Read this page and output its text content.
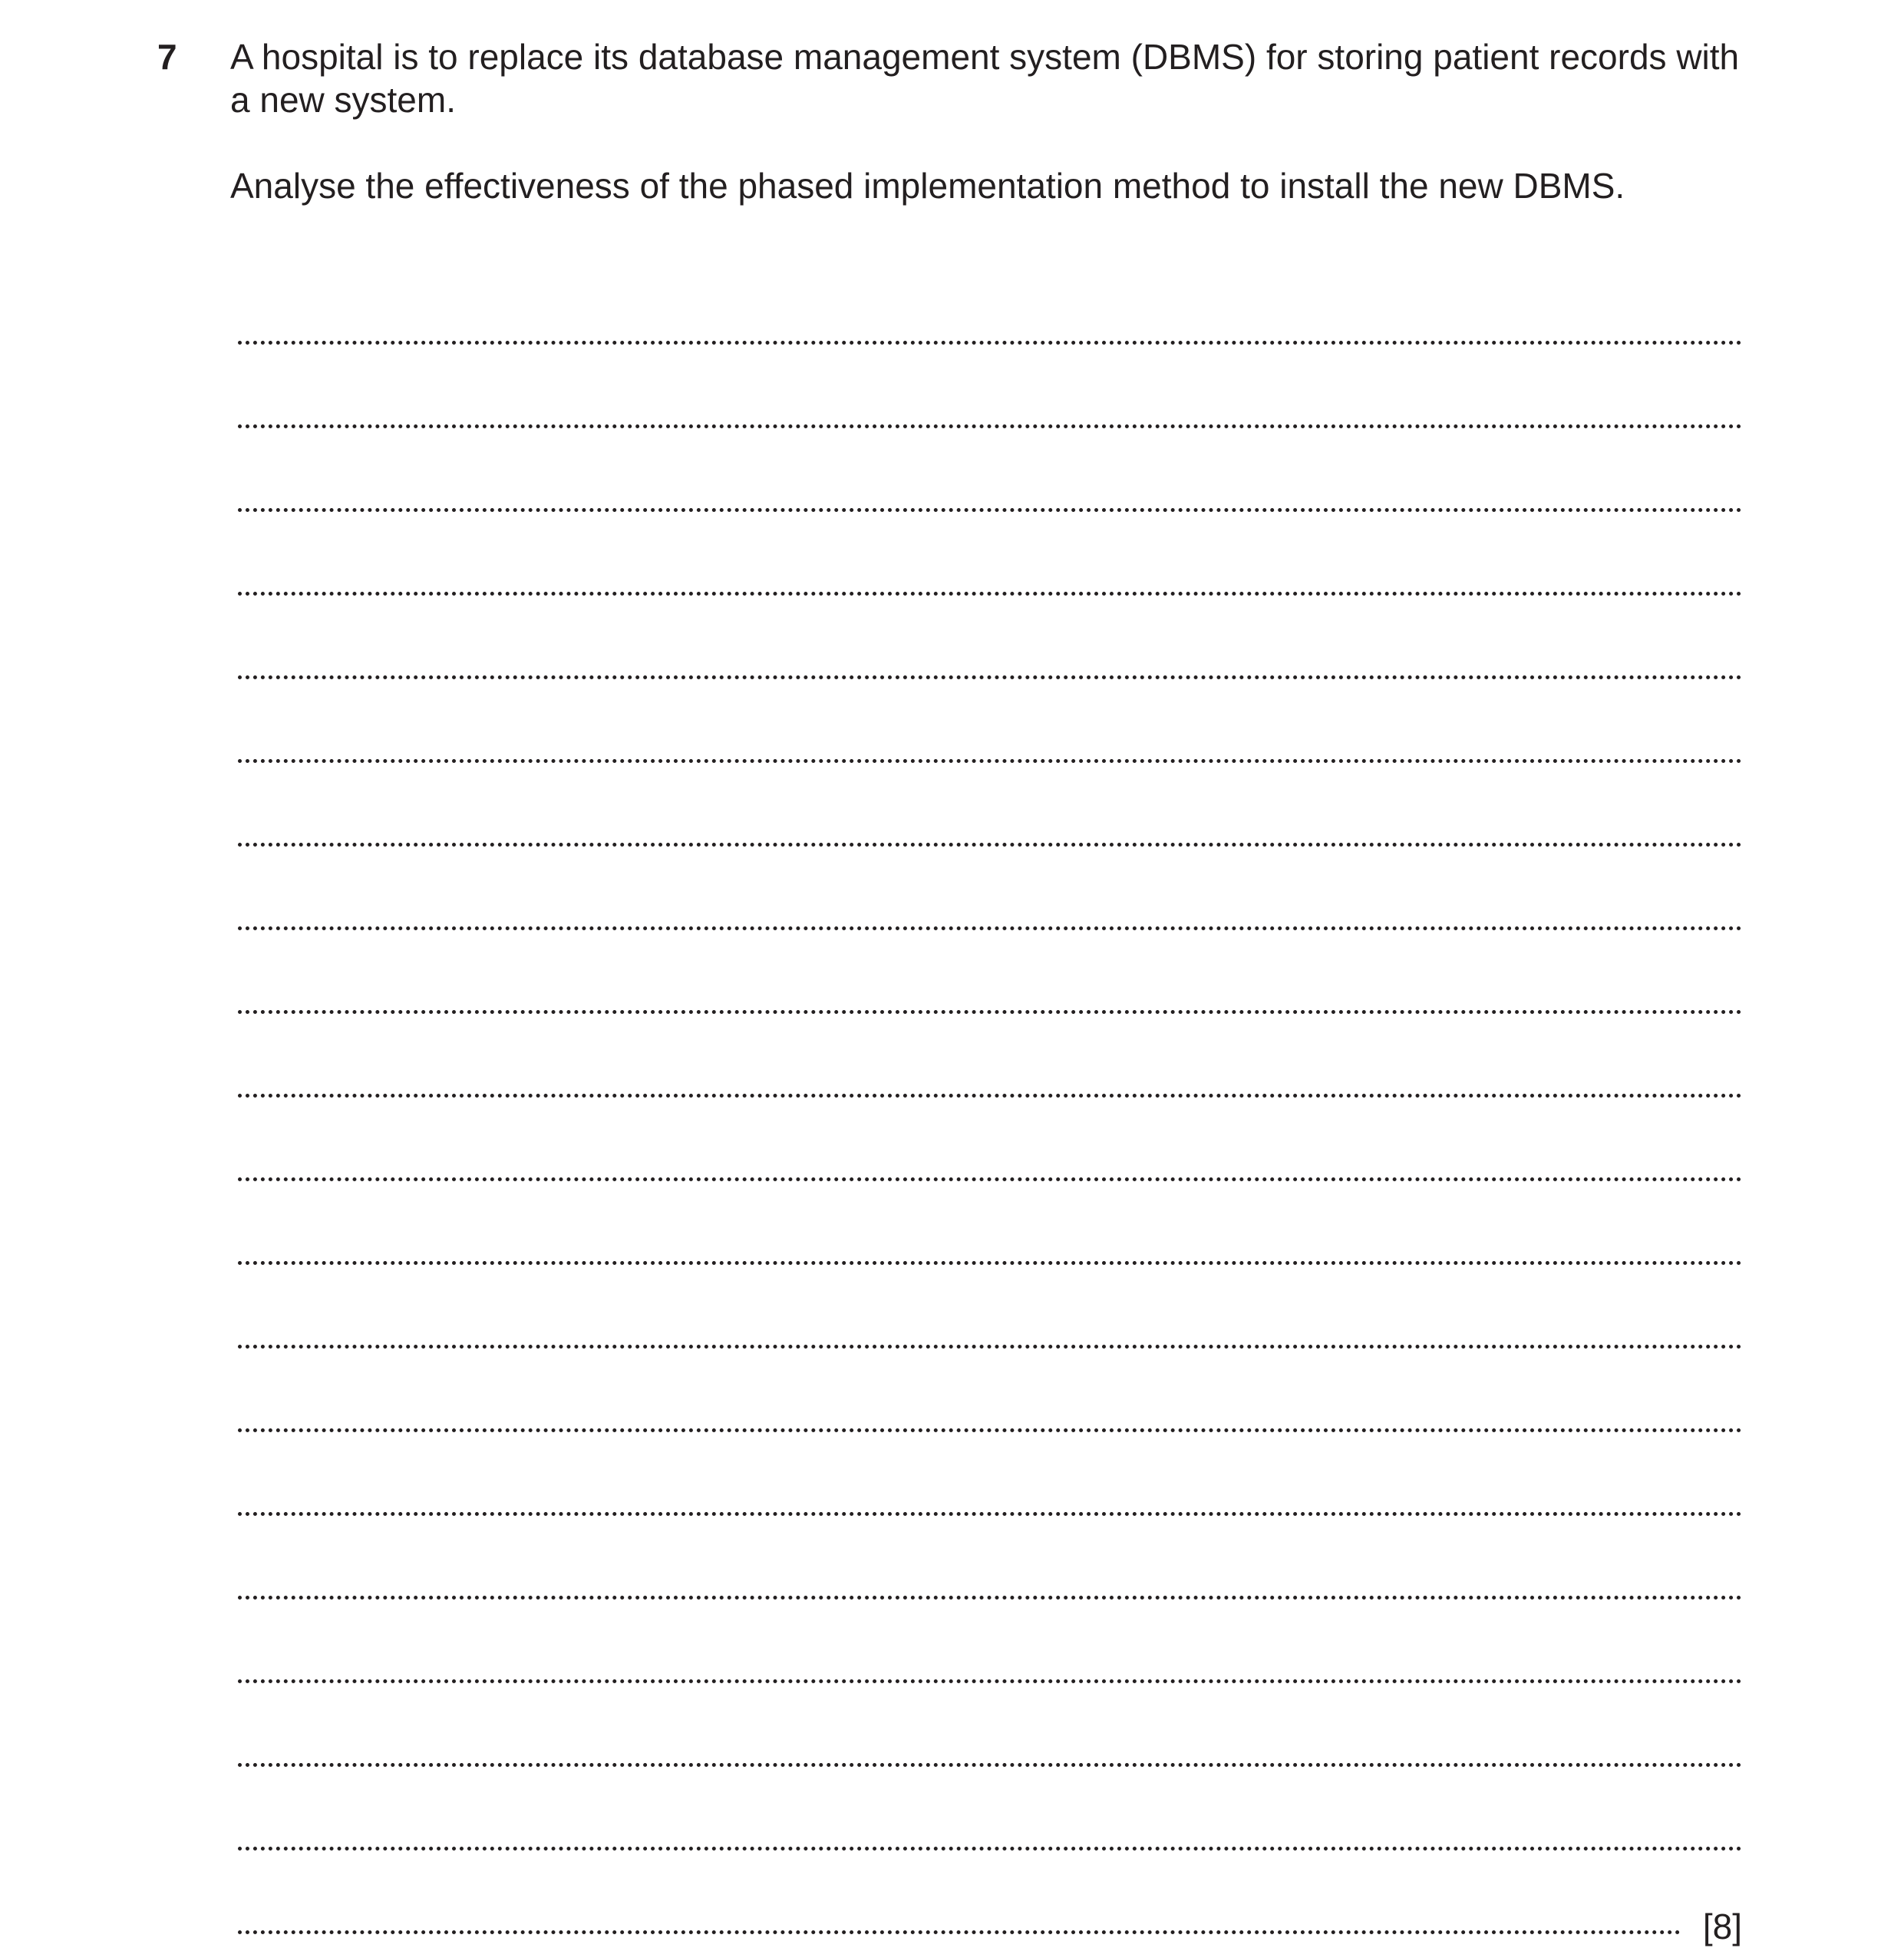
7 A hospital is to replace its database management system (DBMS) for storing patient records with a new system.

Analyse the effectiveness of the phased implementation method to install the new DBMS.

[8]
